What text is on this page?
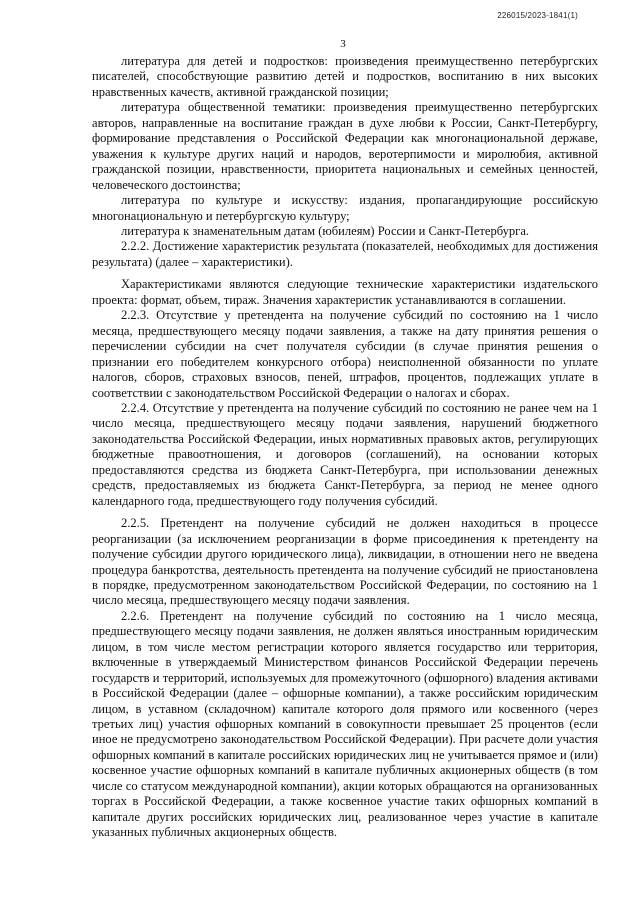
226015/2023-1841(1)
3

литература для детей и подростков: произведения преимущественно петербургских писателей, способствующие развитию детей и подростков, воспитанию в них высоких нравственных качеств, активной гражданской позиции;

литература общественной тематики: произведения преимущественно петербургских авторов, направленные на воспитание граждан в духе любви к России, Санкт-Петербургу, формирование представления о Российской Федерации как многонациональной державе, уважения к культуре других наций и народов, веротерпимости и миролюбия, активной гражданской позиции, нравственности, приоритета национальных и семейных ценностей, человеческого достоинства;

литература по культуре и искусству: издания, пропагандирующие российскую многонациональную и петербургскую культуру;

литература к знаменательным датам (юбилеям) России и Санкт-Петербурга.

2.2.2. Достижение характеристик результата (показателей, необходимых для достижения результата) (далее – характеристики).

Характеристиками являются следующие технические характеристики издательского проекта: формат, объем, тираж. Значения характеристик устанавливаются в соглашении.

2.2.3. Отсутствие у претендента на получение субсидий по состоянию на 1 число месяца, предшествующего месяцу подачи заявления, а также на дату принятия решения о перечислении субсидии на счет получателя субсидии (в случае принятия решения о признании его победителем конкурсного отбора) неисполненной обязанности по уплате налогов, сборов, страховых взносов, пеней, штрафов, процентов, подлежащих уплате в соответствии с законодательством Российской Федерации о налогах и сборах.

2.2.4. Отсутствие у претендента на получение субсидий по состоянию не ранее чем на 1 число месяца, предшествующего месяцу подачи заявления, нарушений бюджетного законодательства Российской Федерации, иных нормативных правовых актов, регулирующих бюджетные правоотношения, и договоров (соглашений), на основании которых предоставляются средства из бюджета Санкт-Петербурга, при использовании денежных средств, предоставляемых из бюджета Санкт-Петербурга, за период не менее одного календарного года, предшествующего году получения субсидий.

2.2.5. Претендент на получение субсидий не должен находиться в процессе реорганизации (за исключением реорганизации в форме присоединения к претенденту на получение субсидии другого юридического лица), ликвидации, в отношении него не введена процедура банкротства, деятельность претендента на получение субсидий не приостановлена в порядке, предусмотренном законодательством Российской Федерации, по состоянию на 1 число месяца, предшествующего месяцу подачи заявления.

2.2.6. Претендент на получение субсидий по состоянию на 1 число месяца, предшествующего месяцу подачи заявления, не должен являться иностранным юридическим лицом, в том числе местом регистрации которого является государство или территория, включенные в утверждаемый Министерством финансов Российской Федерации перечень государств и территорий, используемых для промежуточного (офшорного) владения активами в Российской Федерации (далее – офшорные компании), а также российским юридическим лицом, в уставном (складочном) капитале которого доля прямого или косвенного (через третьих лиц) участия офшорных компаний в совокупности превышает 25 процентов (если иное не предусмотрено законодательством Российской Федерации). При расчете доли участия офшорных компаний в капитале российских юридических лиц не учитывается прямое и (или) косвенное участие офшорных компаний в капитале публичных акционерных обществ (в том числе со статусом международной компании), акции которых обращаются на организованных торгах в Российской Федерации, а также косвенное участие таких офшорных компаний в капитале других российских юридических лиц, реализованное через участие в капитале указанных публичных акционерных обществ.
